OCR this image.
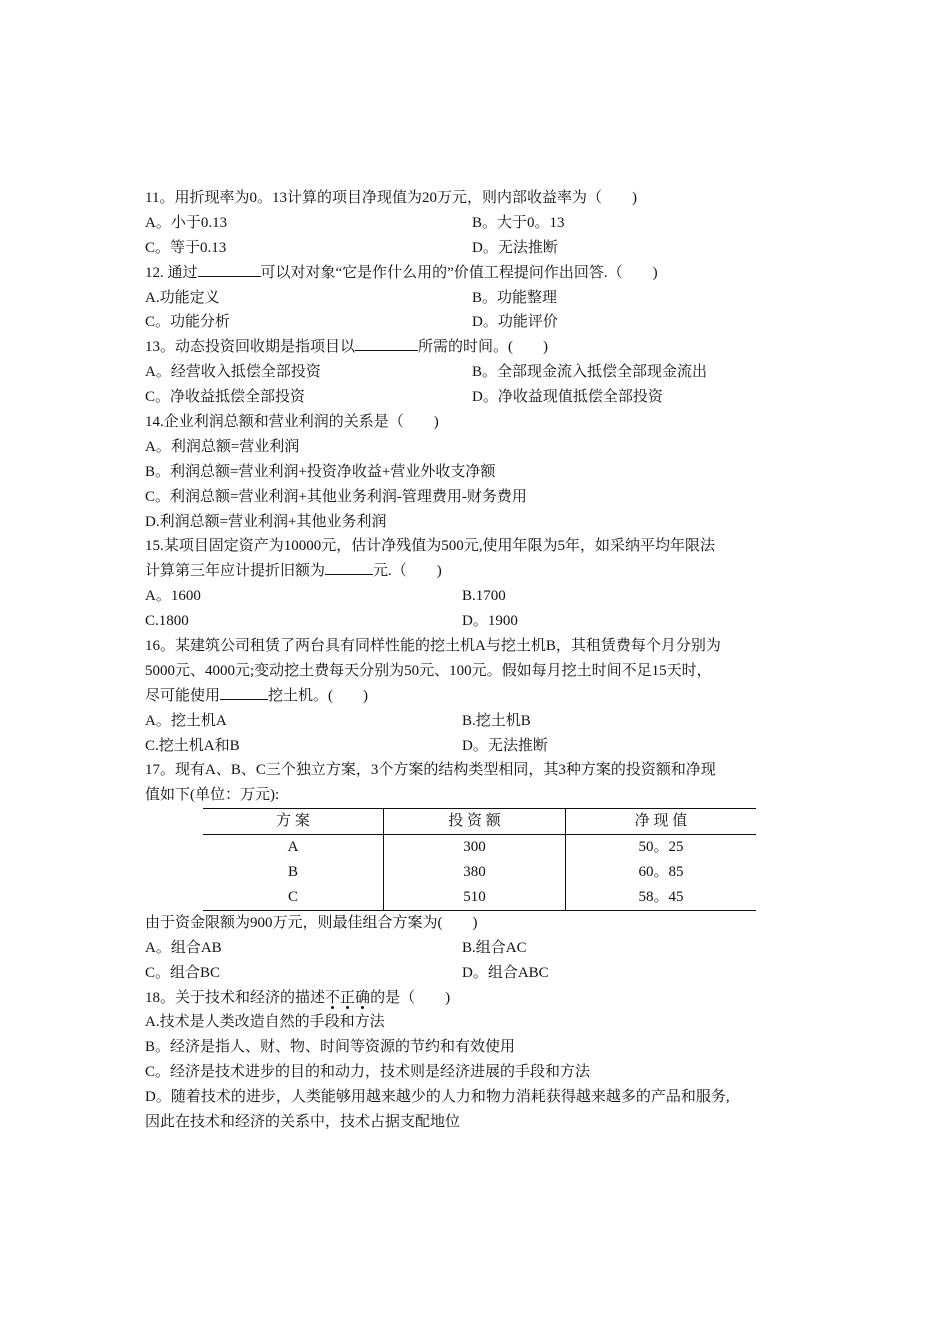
11。用折现率为0。13计算的项目净现值为20万元，则内部收益率为（　　)
A。小于0.13	B。大于0。13
C。等于0.13	D。无法推断
12. 通过	可以对对象“它是作什么用的”价值工程提问作出回答.（　　)
A.功能定义	B。功能整理
C。功能分析	D。功能评价
13。动态投资回收期是指项目以	所需的时间。(　　)
A。经营收入抵偿全部投资	B。全部现金流入抵偿全部现金流出
C。净收益抵偿全部投资	D。净收益现值抵偿全部投资
14.企业利润总额和营业利润的关系是（　　)
A。利润总额=营业利润
B。利润总额=营业利润+投资净收益+营业外收支净额
C。利润总额=营业利润+其他业务利润-管理费用-财务费用
D.利润总额=营业利润+其他业务利润
15.某项目固定资产为10000元，估计净残值为500元,使用年限为5年，如采纳平均年限法
计算第三年应计提折旧额为	元.（　　)
A。1600	B.1700
C.1800	D。1900
16。某建筑公司租赁了两台具有同样性能的挖土机A与挖土机B，其租赁费每个月分别为
5000元、4000元;变动挖土费每天分别为50元、100元。假如每月挖土时间不足15天时，
尽可能使用	挖土机。(　　)
A。挖土机A	B.挖土机B
C.挖土机A和B	D。无法推断
17。现有A、B、C三个独立方案，3个方案的结构类型相同，其3种方案的投资额和净现
值如下(单位：万元):
方 案	投 资 额	净 现 值
A	300	50。25
B	380	60。85
C	510	58。45
由于资金限额为900万元，则最佳组合方案为(　　)
A。组合AB	B.组合AC
C。组合BC	D。组合ABC
18。关于技术和经济的描述不正确的是（　　)
A.技术是人类改造自然的手段和方法
B。经济是指人、财、物、时间等资源的节约和有效使用
C。经济是技术进步的目的和动力，技术则是经济进展的手段和方法
D。随着技术的进步，人类能够用越来越少的人力和物力消耗获得越来越多的产品和服务,
因此在技术和经济的关系中，技术占据支配地位
